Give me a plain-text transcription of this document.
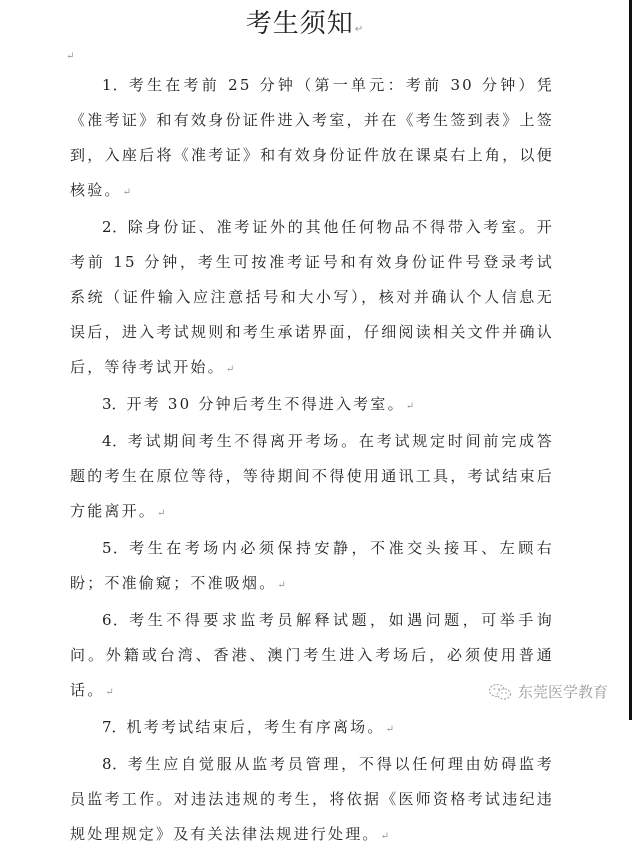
考生须知↵
↵

1．考生在考前 25 分钟（第一单元：考前 30 分钟）凭《准考证》和有效身份证件进入考室，并在《考生签到表》上签到，入座后将《准考证》和有效身份证件放在课桌右上角，以便核验。↵

2．除身份证、准考证外的其他任何物品不得带入考室。开考前 15 分钟，考生可按准考证号和有效身份证件号登录考试系统（证件输入应注意括号和大小写），核对并确认个人信息无误后，进入考试规则和考生承诺界面，仔细阅读相关文件并确认后，等待考试开始。↵

3．开考 30 分钟后考生不得进入考室。↵

4．考试期间考生不得离开考场。在考试规定时间前完成答题的考生在原位等待，等待期间不得使用通讯工具，考试结束后方能离开。↵

5．考生在考场内必须保持安静，不准交头接耳、左顾右盼；不准偷窥；不准吸烟。↵

6．考生不得要求监考员解释试题，如遇问题，可举手询问。外籍或台湾、香港、澳门考生进入考场后，必须使用普通话。↵

7．机考考试结束后，考生有序离场。↵

8．考生应自觉服从监考员管理，不得以任何理由妨碍监考员监考工作。对违法违规的考生，将依据《医师资格考试违纪违规处理规定》及有关法律法规进行处理。↵

东莞医学教育
